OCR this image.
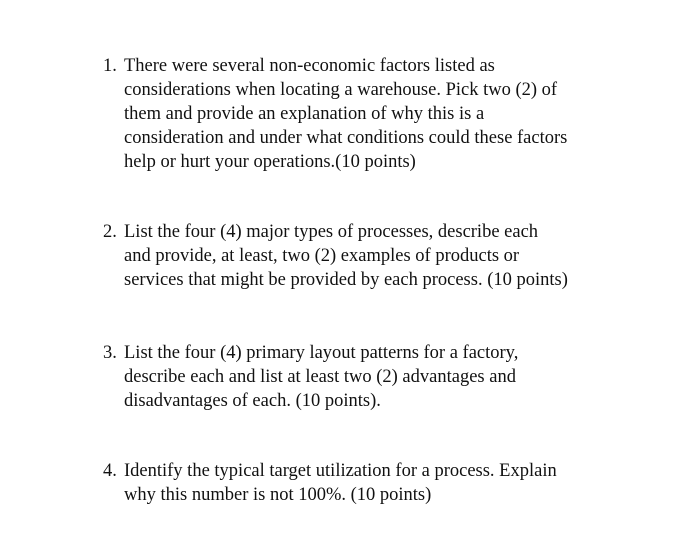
1. There were several non-economic factors listed as
considerations when locating a warehouse. Pick two (2) of
them and provide an explanation of why this is a
consideration and under what conditions could these factors
help or hurt your operations.(10 points)
2. List the four (4) major types of processes, describe each
and provide, at least, two (2) examples of products or
services that might be provided by each process. (10 points)
3. List the four (4) primary layout patterns for a factory,
describe each and list at least two (2) advantages and
disadvantages of each. (10 points).
4. Identify the typical target utilization for a process. Explain
why this number is not 100%. (10 points)
